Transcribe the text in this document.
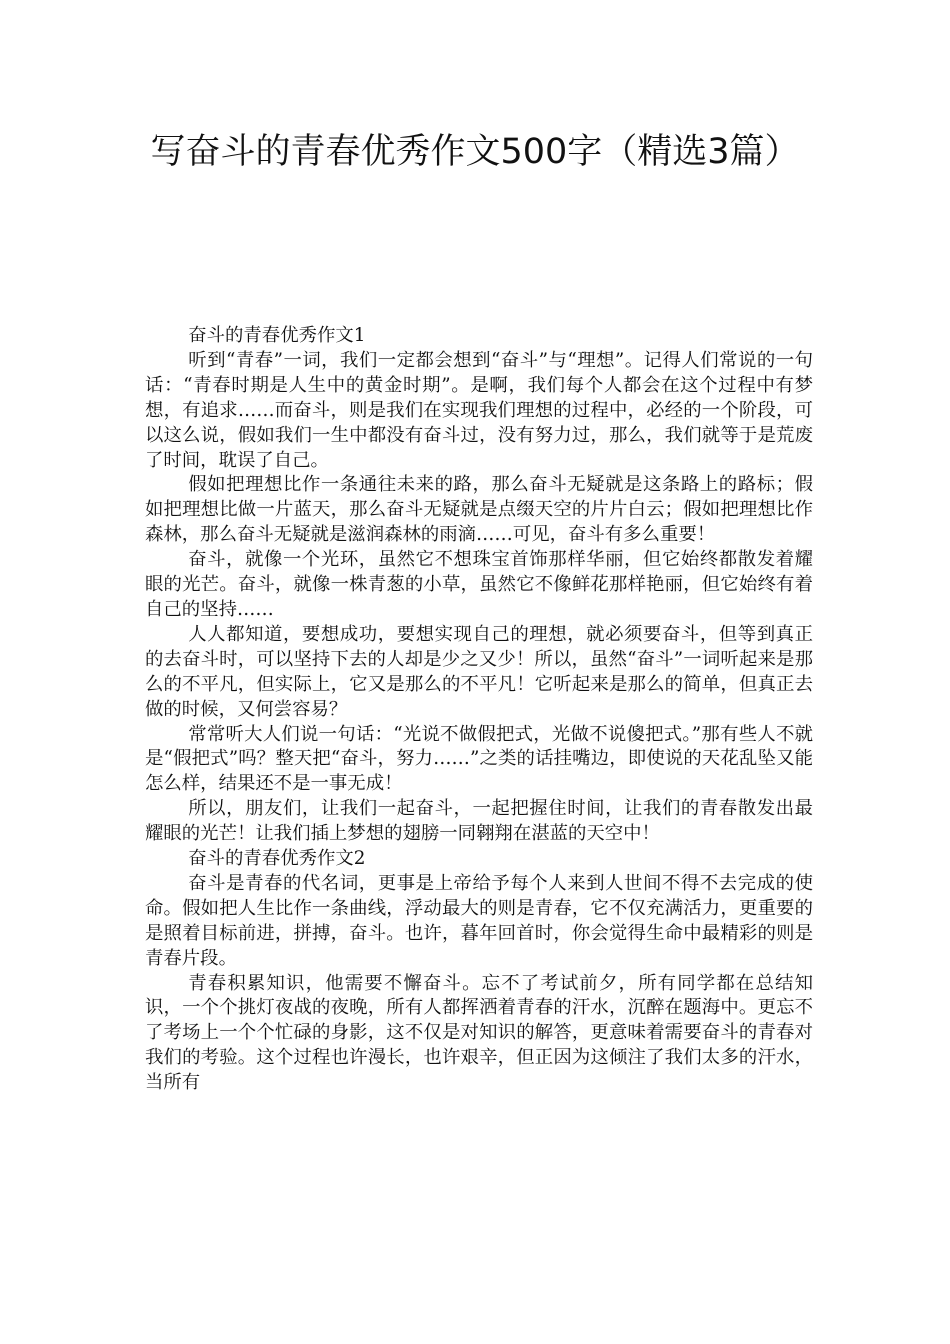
写奋斗的青春优秀作文500字（精选3篇）

奋斗的青春优秀作文1

听到“青春”一词，我们一定都会想到“奋斗”与“理想”。记得人们常说的一句话：“青春时期是人生中的黄金时期”。是啊，我们每个人都会在这个过程中有梦想，有追求……而奋斗，则是我们在实现我们理想的过程中，必经的一个阶段，可以这么说，假如我们一生中都没有奋斗过，没有努力过，那么，我们就等于是荒废了时间，耽误了自己。

假如把理想比作一条通往未来的路，那么奋斗无疑就是这条路上的路标；假如把理想比做一片蓝天，那么奋斗无疑就是点缀天空的片片白云；假如把理想比作森林，那么奋斗无疑就是滋润森林的雨滴……可见，奋斗有多么重要！

奋斗，就像一个光环，虽然它不想珠宝首饰那样华丽，但它始终都散发着耀眼的光芒。奋斗，就像一株青葱的小草，虽然它不像鲜花那样艳丽，但它始终有着自己的坚持……

人人都知道，要想成功，要想实现自己的理想，就必须要奋斗，但等到真正的去奋斗时，可以坚持下去的人却是少之又少！所以，虽然“奋斗”一词听起来是那么的不平凡，但实际上，它又是那么的不平凡！它听起来是那么的简单，但真正去做的时候，又何尝容易？

常常听大人们说一句话：“光说不做假把式，光做不说傻把式。”那有些人不就是“假把式”吗？整天把“奋斗，努力……”之类的话挂嘴边，即使说的天花乱坠又能怎么样，结果还不是一事无成！

所以，朋友们，让我们一起奋斗，一起把握住时间，让我们的青春散发出最耀眼的光芒！让我们插上梦想的翅膀一同翱翔在湛蓝的天空中！

奋斗的青春优秀作文2

奋斗是青春的代名词，更事是上帝给予每个人来到人世间不得不去完成的使命。假如把人生比作一条曲线，浮动最大的则是青春，它不仅充满活力，更重要的是照着目标前进，拼搏，奋斗。也许，暮年回首时，你会觉得生命中最精彩的则是青春片段。

青春积累知识，他需要不懈奋斗。忘不了考试前夕，所有同学都在总结知识，一个个挑灯夜战的夜晚，所有人都挥洒着青春的汗水，沉醉在题海中。更忘不了考场上一个个忙碌的身影，这不仅是对知识的解答，更意味着需要奋斗的青春对我们的考验。这个过程也许漫长，也许艰辛，但正因为这倾注了我们太多的汗水，当所有
